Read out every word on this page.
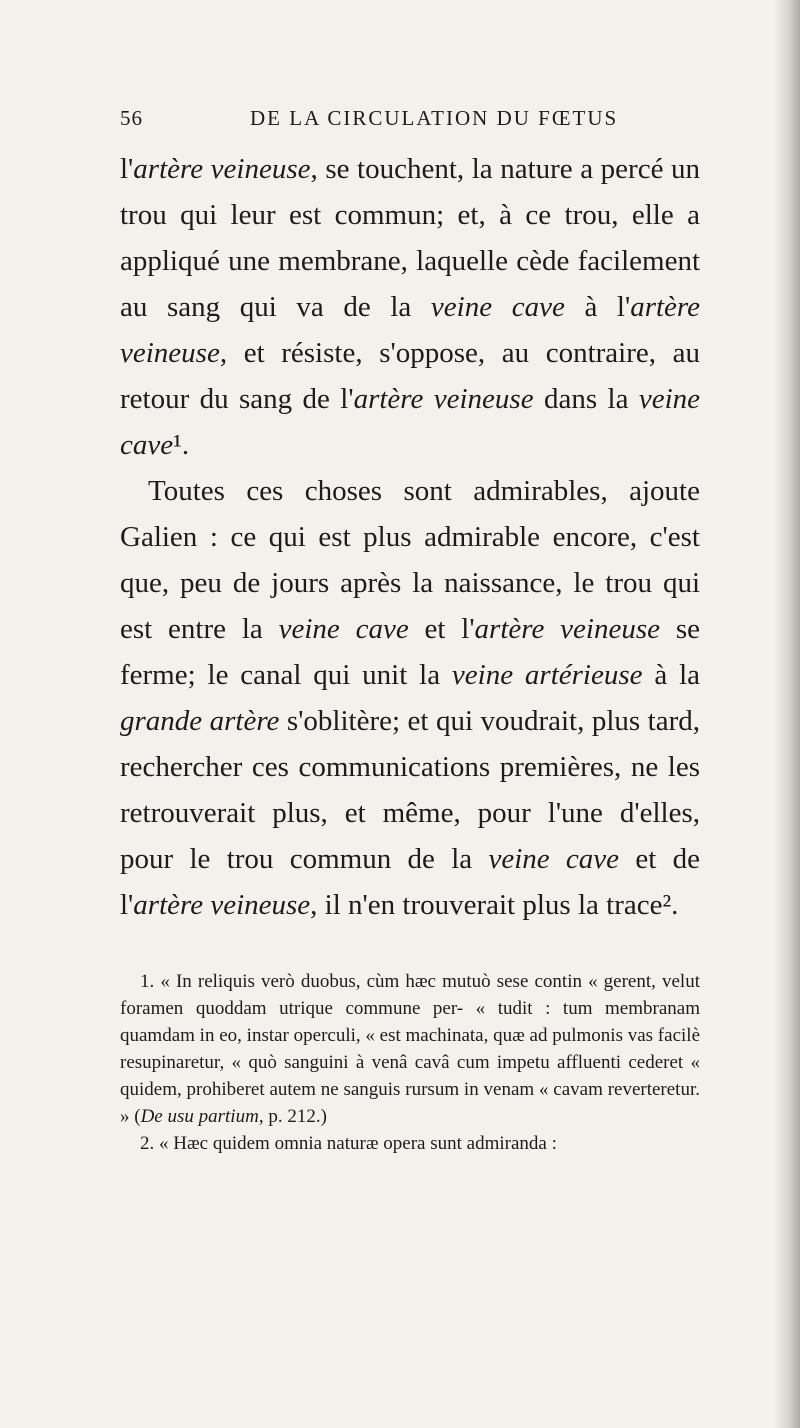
56	DE LA CIRCULATION DU FŒTUS

l'artère veineuse, se touchent, la nature a percé un trou qui leur est commun; et, à ce trou, elle a appliqué une membrane, laquelle cède facilement au sang qui va de la veine cave à l'artère veineuse, et résiste, s'oppose, au contraire, au retour du sang de l'artère veineuse dans la veine cave¹.

Toutes ces choses sont admirables, ajoute Galien : ce qui est plus admirable encore, c'est que, peu de jours après la naissance, le trou qui est entre la veine cave et l'artère veineuse se ferme; le canal qui unit la veine artérieuse à la grande artère s'oblitère; et qui voudrait, plus tard, rechercher ces communications premières, ne les retrouverait plus, et même, pour l'une d'elles, pour le trou commun de la veine cave et de l'artère veineuse, il n'en trouverait plus la trace².

1. « In reliquis verò duobus, cùm hæc mutuò sese contin « gerent, velut foramen quoddam utrique commune per- « tudit : tum membranam quamdam in eo, instar operculi, « est machinata, quæ ad pulmonis vas facilè resupinaretur, « quò sanguini à venâ cavâ cum impetu affluenti cederet « quidem, prohiberet autem ne sanguis rursum in venam « cavam reverteretur. » (De usu partium, p. 212.)

2. « Hæc quidem omnia naturæ opera sunt admiranda :
